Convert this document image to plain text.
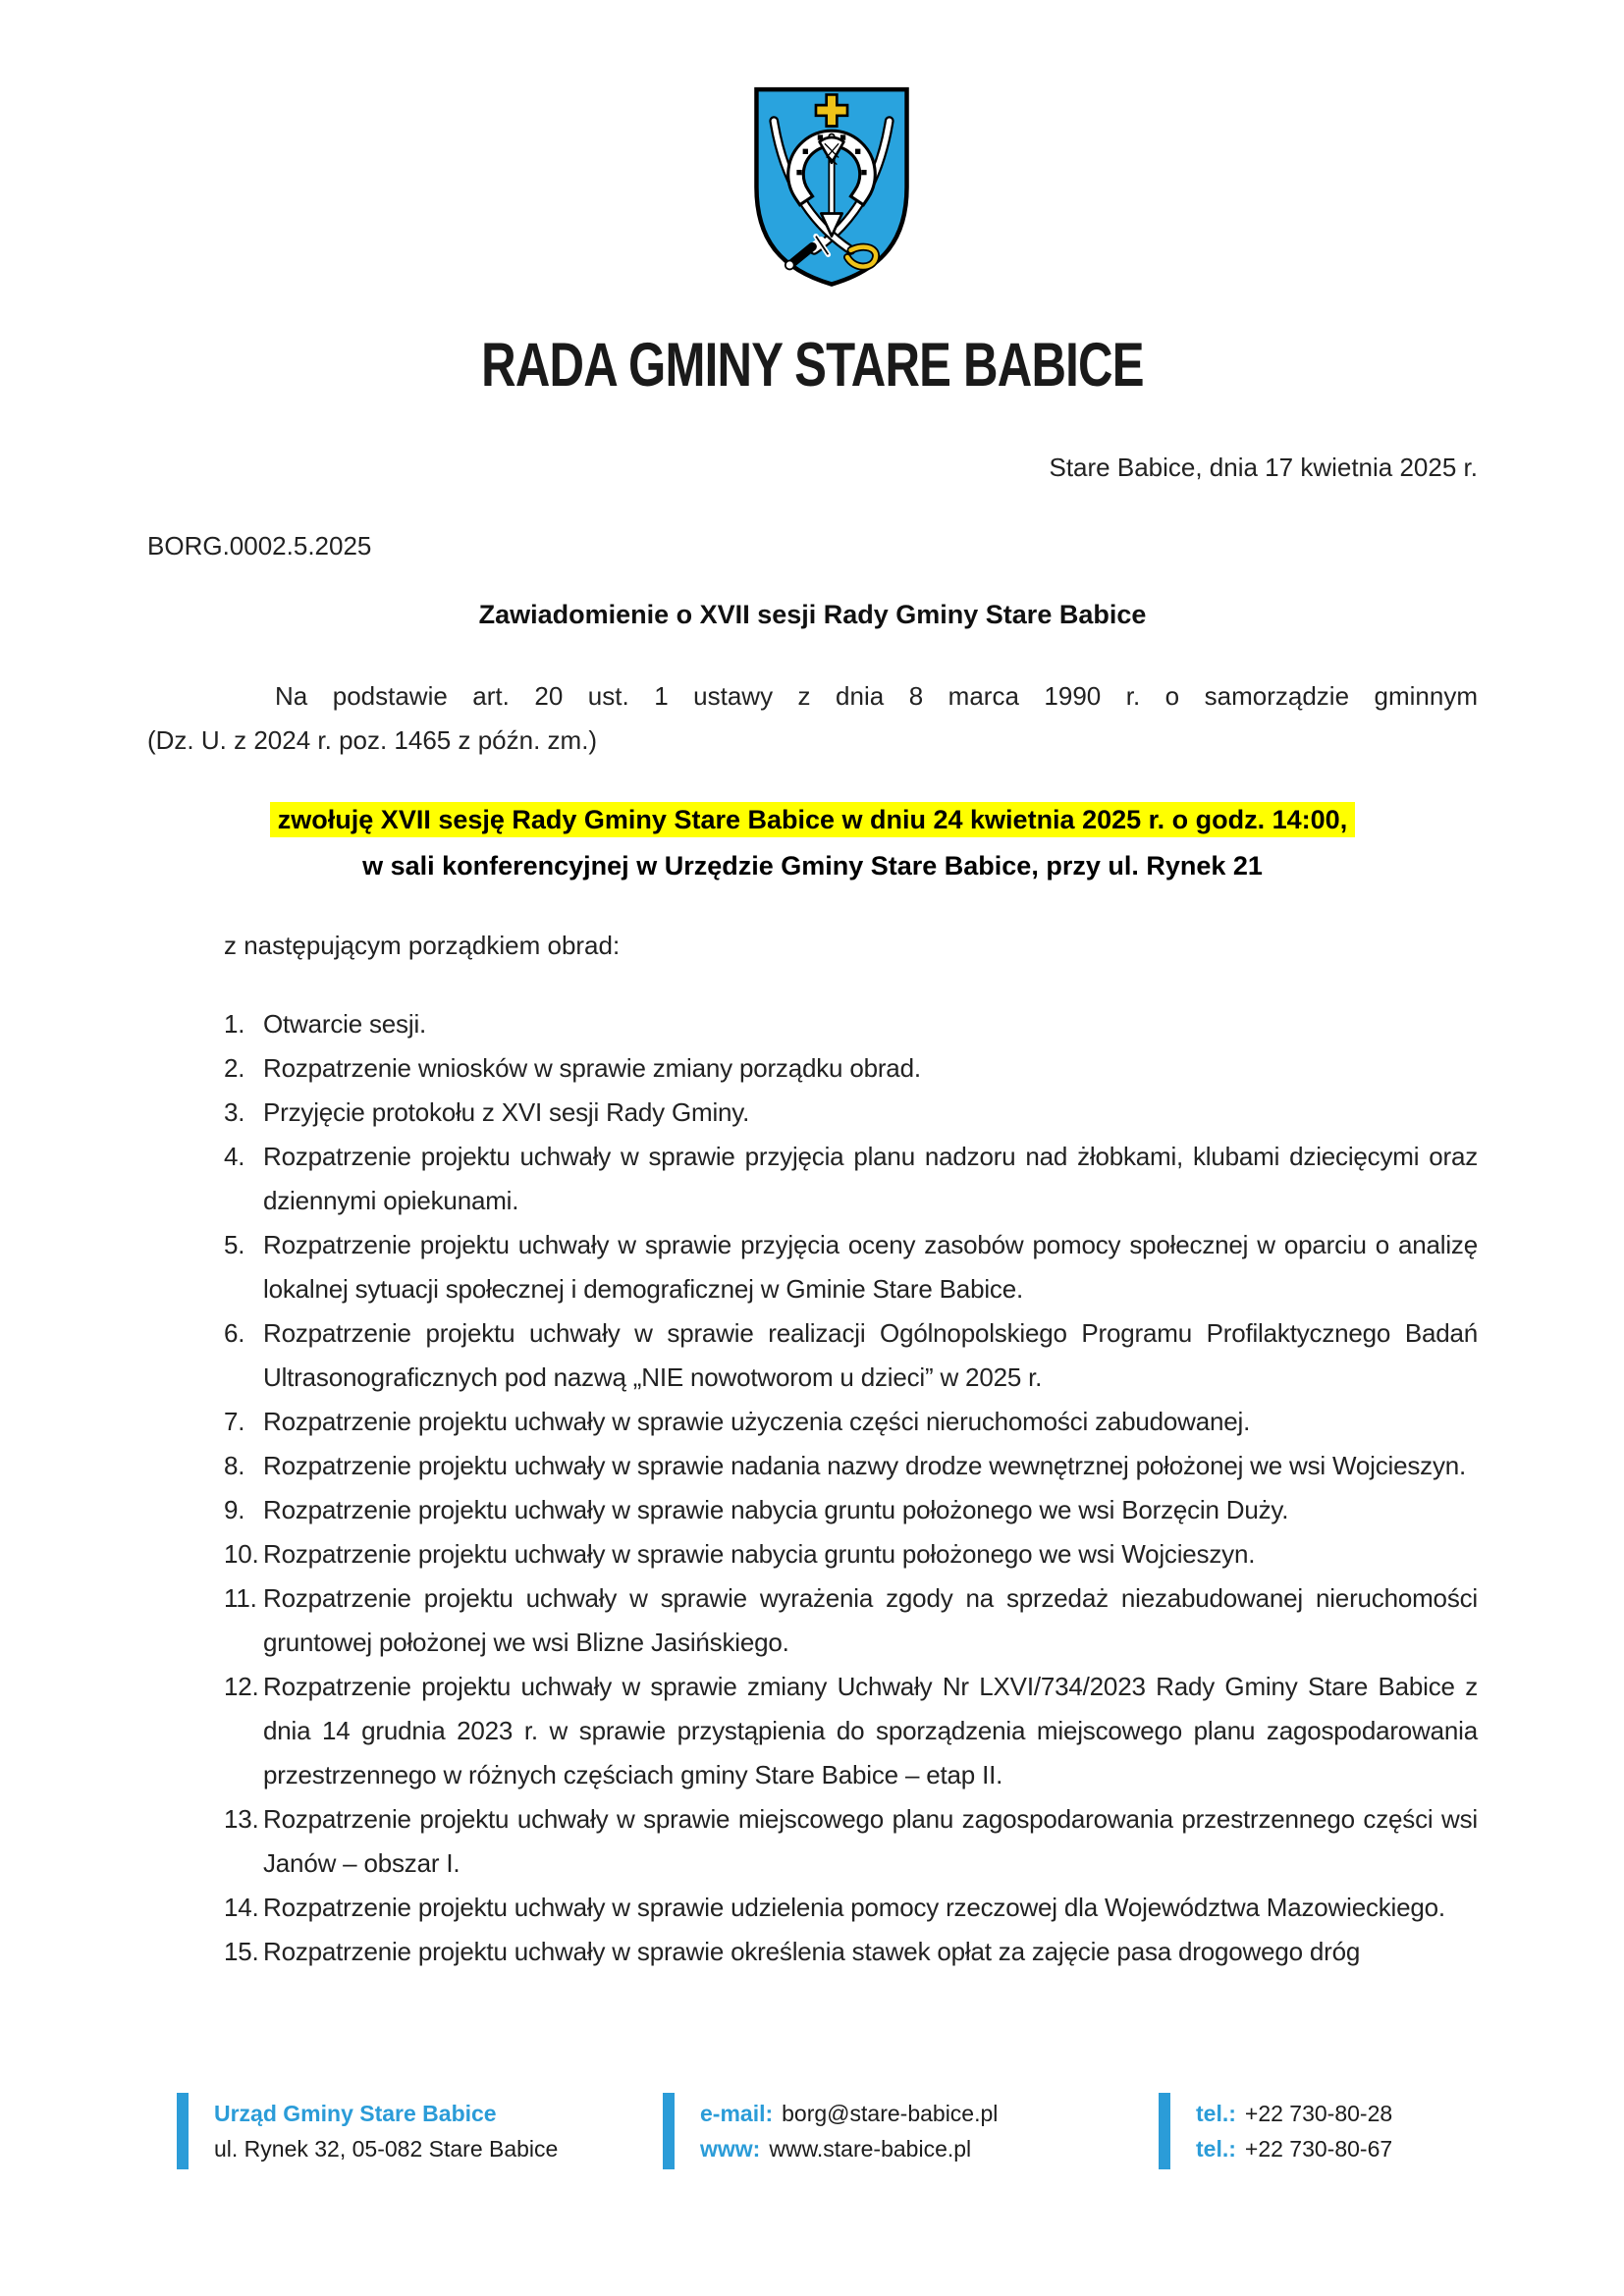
RADA GMINY STARE BABICE
Stare Babice, dnia 17 kwietnia 2025 r.
BORG.0002.5.2025
Zawiadomienie o XVII sesji Rady Gminy Stare Babice
Na podstawie art. 20 ust. 1 ustawy z dnia 8 marca 1990 r. o samorządzie gminnym
(Dz. U. z 2024 r. poz. 1465 z późn. zm.)
zwołuję XVII sesję Rady Gminy Stare Babice w dniu 24 kwietnia 2025 r. o godz. 14:00,
w sali konferencyjnej w Urzędzie Gminy Stare Babice, przy ul. Rynek 21
z następującym porządkiem obrad:
1. Otwarcie sesji.
2. Rozpatrzenie wniosków w sprawie zmiany porządku obrad.
3. Przyjęcie protokołu z XVI sesji Rady Gminy.
4. Rozpatrzenie projektu uchwały w sprawie przyjęcia planu nadzoru nad żłobkami, klubami dziecięcymi oraz dziennymi opiekunami.
5. Rozpatrzenie projektu uchwały w sprawie przyjęcia oceny zasobów pomocy społecznej w oparciu o analizę lokalnej sytuacji społecznej i demograficznej w Gminie Stare Babice.
6. Rozpatrzenie projektu uchwały w sprawie realizacji Ogólnopolskiego Programu Profilaktycznego Badań Ultrasonograficznych pod nazwą „NIE nowotworom u dzieci” w 2025 r.
7. Rozpatrzenie projektu uchwały w sprawie użyczenia części nieruchomości zabudowanej.
8. Rozpatrzenie projektu uchwały w sprawie nadania nazwy drodze wewnętrznej położonej we wsi Wojcieszyn.
9. Rozpatrzenie projektu uchwały w sprawie nabycia gruntu położonego we wsi Borzęcin Duży.
10. Rozpatrzenie projektu uchwały w sprawie nabycia gruntu położonego we wsi Wojcieszyn.
11. Rozpatrzenie projektu uchwały w sprawie wyrażenia zgody na sprzedaż niezabudowanej nieruchomości gruntowej położonej we wsi Blizne Jasińskiego.
12. Rozpatrzenie projektu uchwały w sprawie zmiany Uchwały Nr LXVI/734/2023 Rady Gminy Stare Babice z dnia 14 grudnia 2023 r. w sprawie przystąpienia do sporządzenia miejscowego planu zagospodarowania przestrzennego w różnych częściach gminy Stare Babice – etap II.
13. Rozpatrzenie projektu uchwały w sprawie miejscowego planu zagospodarowania przestrzennego części wsi Janów – obszar I.
14. Rozpatrzenie projektu uchwały w sprawie udzielenia pomocy rzeczowej dla Województwa Mazowieckiego.
15. Rozpatrzenie projektu uchwały w sprawie określenia stawek opłat za zajęcie pasa drogowego dróg
Urząd Gminy Stare Babice
ul. Rynek 32, 05-082 Stare Babice
e-mail: borg@stare-babice.pl
www: www.stare-babice.pl
tel.: +22 730-80-28
tel.: +22 730-80-67
